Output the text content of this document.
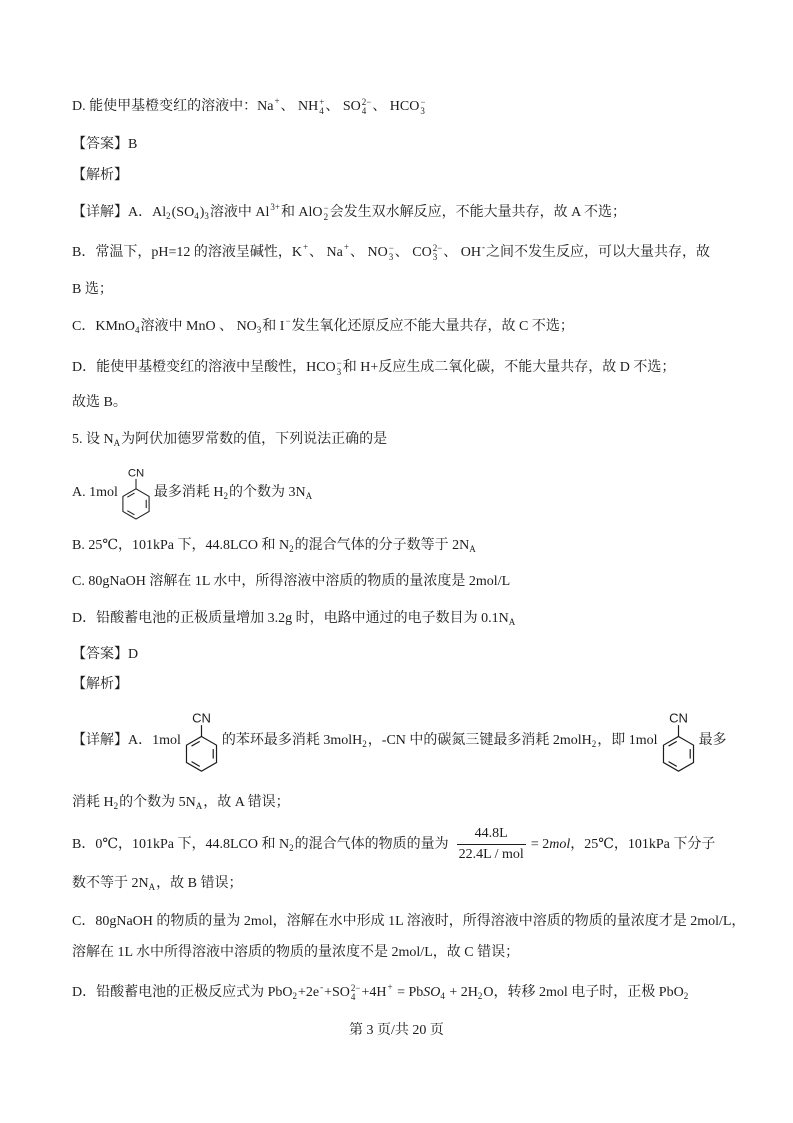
D. 能使甲基橙变红的溶液中：Na+、 NH +
4 、 SO 2−
4 、 HCO −
3
【答案】B
【解析】
【详解】A．$Al_2(SO_4)_3$溶液中 $Al^{3+}$和 AlO −
2 会发生双水解反应，不能大量共存，故 A 不选；
B．常温下，pH=12 的溶液呈碱性，K+、 Na+、 NO −
3 、 CO 2−
3 、 OH-之间不发生反应，可以大量共存，故
B 选；
C．KMnO$_4$溶液中 MnO 、 $NO_3$和 I−发生氧化还原反应不能大量共存，故 C 不选；
D．能使甲基橙变红的溶液中呈酸性，HCO −
3 和 H+反应生成二氧化碳，不能大量共存，故 D 不选；
故选 B。
5. 设 $N_A$为阿伏加德罗常数的值，下列说法正确的是
A. 1mol
CN
最多消耗 $H_2$的个数为 $3N_A$
B. 25℃，101kPa 下，44.8LCO 和 $N_2$的混合气体的分子数等于 $2N_A$
C. 80gNaOH 溶解在 1L 水中，所得溶液中溶质的物质的量浓度是 2mol/L
D．铅酸蓄电池的正极质量增加 3.2g 时，电路中通过的电子数目为 $0.1N_A$
【答案】D
【解析】
【详解】A．1mol
CN
的苯环最多消耗 3molH$_2$，-CN 中的碳氮三键最多消耗 2molH$_2$，即 1mol
CN
最多
消耗 $H_2$的个数为 $5N_A$，故 A 错误；
B．0℃，101kPa 下，44.8LCO 和 $N_2$的混合气体的物质的量为 $\frac{44.8L}{\text{22.4L / mol}} = 2mol$，25℃，101kPa 下分子
数不等于 $2N_A$，故 B 错误；
C．80gNaOH 的物质的量为 2mol，溶解在水中形成 1L 溶液时，所得溶液中溶质的物质的量浓度才是 2mol/L，
溶解在 1L 水中所得溶液中溶质的物质的量浓度不是 2mol/L，故 C 错误；
D．铅酸蓄电池的正极反应式为 PbO$_2$+2e-+SO 2−
4 +4H+ = PbSO$_4$ + $2H_2O$，转移 2mol 电子时，正极 PbO$_2$
第 3 页/共 20 页
